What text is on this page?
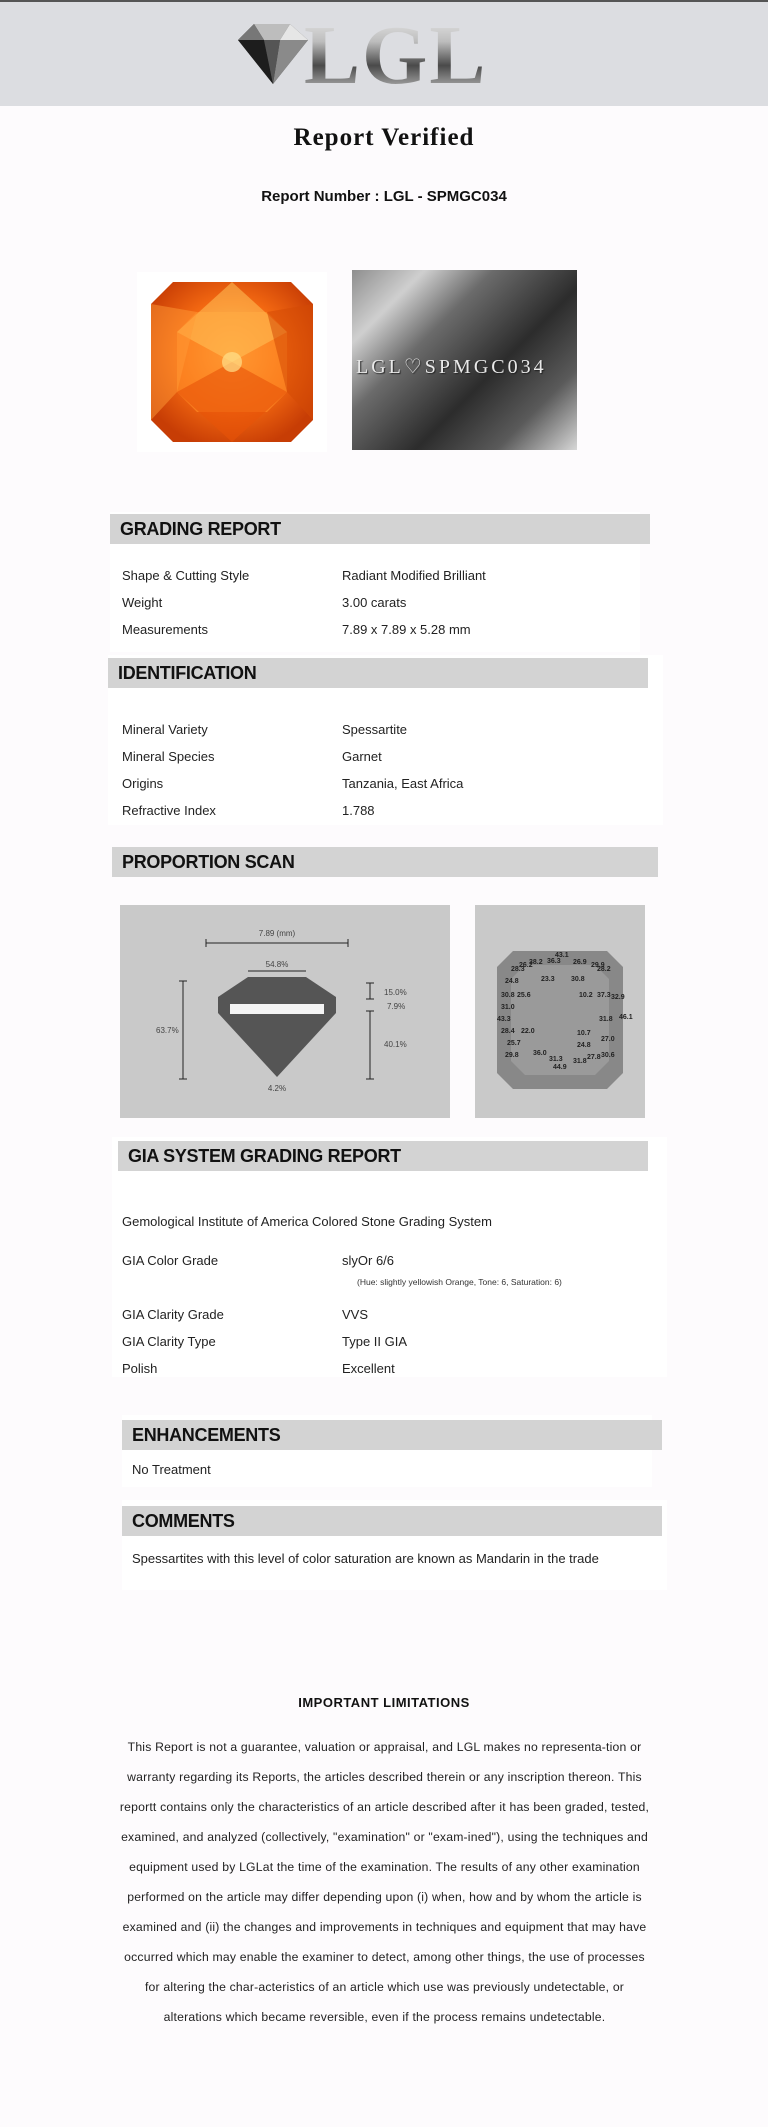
LGL
Report Verified
Report Number : LGL - SPMGC034
LGL♡SPMGC034
GRADING REPORT
Shape & Cutting Style	Radiant Modified Brilliant
Weight	3.00 carats
Measurements	7.89 x 7.89 x 5.28 mm
IDENTIFICATION
Mineral Variety	Spessartite
Mineral Species	Garnet
Origins	Tanzania, East Africa
Refractive Index	1.788
PROPORTION SCAN
7.89 (mm)
54.8%
63.7%
15.0%
7.9%
40.1%
4.2%
43.1
38.2 36.3 26.9 29.9
28.2
28.3
26.2
24.8	23.3 30.8
30.8 25.6	10.2 37.3 32.9
31.0
43.3	46.1
28.4 22.0	10.7
31.8
27.0
25.7	24.8
29.8 36.0
31.3 31.8
27.8 30.6
44.9
GIA SYSTEM GRADING REPORT
Gemological Institute of America Colored Stone Grading System
GIA Color Grade	slyOr 6/6
(Hue: slightly yellowish Orange, Tone: 6, Saturation: 6)
GIA Clarity Grade	VVS
GIA Clarity Type	Type II GIA
Polish	Excellent
ENHANCEMENTS
No Treatment
COMMENTS
Spessartites with this level of color saturation are known as Mandarin in the trade
IMPORTANT LIMITATIONS
This Report is not a guarantee, valuation or appraisal, and LGL makes no representa-tion or warranty regarding its Reports, the articles described therein or any inscription thereon. This reportt contains only the characteristics of an article described after it has been graded, tested, examined, and analyzed (collectively, "examination" or "exam-ined"), using the techniques and equipment used by LGLat the time of the examination. The results of any other examination performed on the article may differ depending upon (i) when, how and by whom the article is examined and (ii) the changes and improvements in techniques and equipment that may have occurred which may enable the examiner to detect, among other things, the use of processes for altering the char-acteristics of an article which use was previously undetectable, or alterations which became reversible, even if the process remains undetectable.
